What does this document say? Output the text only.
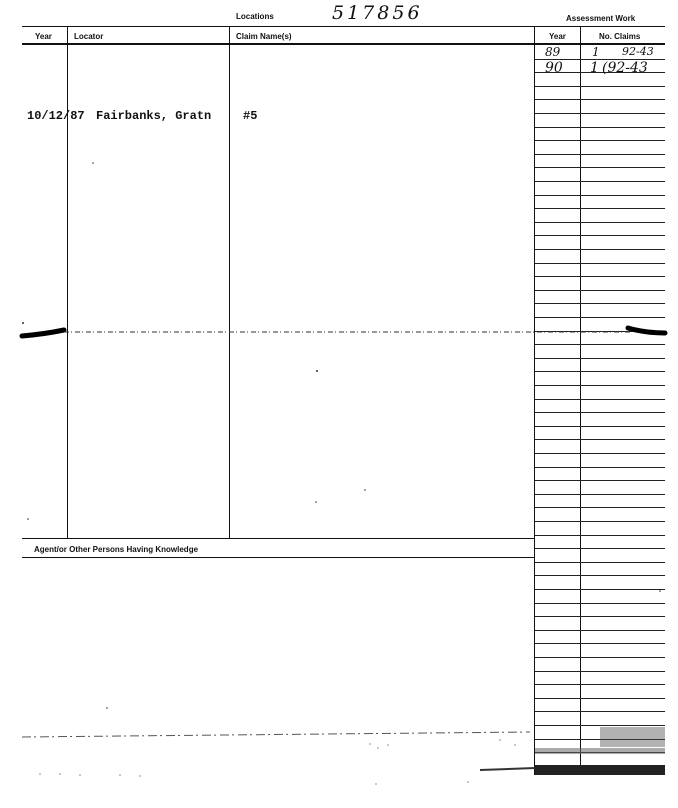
Locations	517856	Assessment Work
Year	Locator	Claim Name(s)	Year	No. Claims
Agent/or Other Persons Having Knowledge
10/12/87 Fairbanks, Gratn	#5
89	1 92-43
90 1 (92-43
